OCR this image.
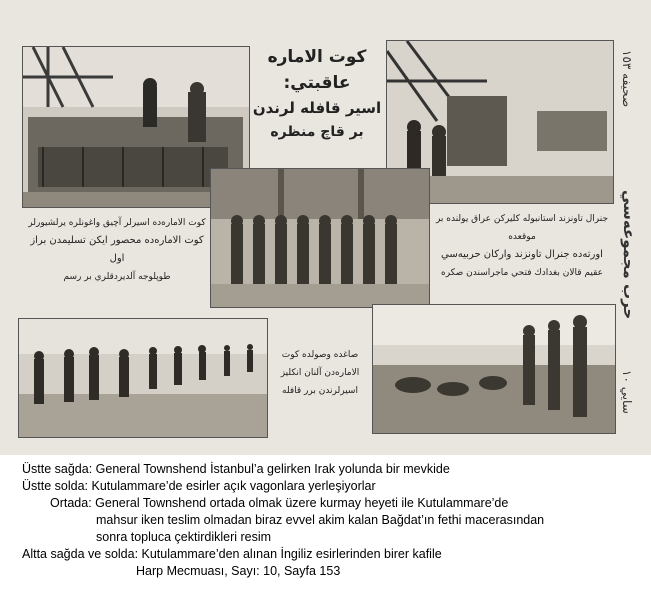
كوت الاماره عاقبتي:
اسير قافله لرندن
بر قاچ منظره
كوت الاماره‌ده اسيرلر آچيق واغونلره يرلشيورلر
كوت الاماره‌ده محصور ايكن تسليمدن براز اول
طوپلوجه آلديردقلري بر رسم
جنرال تاونزند استانبوله كليركن عراق يولنده بر موقعده
اورته‌ده جنرال تاونزند واركان حربيه‌سي
عقيم قالان بغدادك فتحي ماجراسندن صكره
صاغده وصولده كوت
الاماره‌دن آلنان انكليز
اسيرلرندن برر قافله
صحيفه ١٥٣
حرب مجموعه‌سي
سايي ١٠
Üstte sağda: General Townshend İstanbul’a gelirken Irak yolunda bir mevkide
Üstte solda: Kutulammare’de esirler açık vagonlara yerleşiyorlar
Ortada: General Townshend ortada olmak üzere kurmay heyeti ile Kutulammare’de
mahsur iken teslim olmadan biraz evvel akim kalan Bağdat’ın fethi macerasından
sonra topluca çektirdikleri resim
Altta sağda ve solda: Kutulammare’den alınan İngiliz esirlerinden birer kafile
Harp Mecmuası, Sayı: 10, Sayfa 153
